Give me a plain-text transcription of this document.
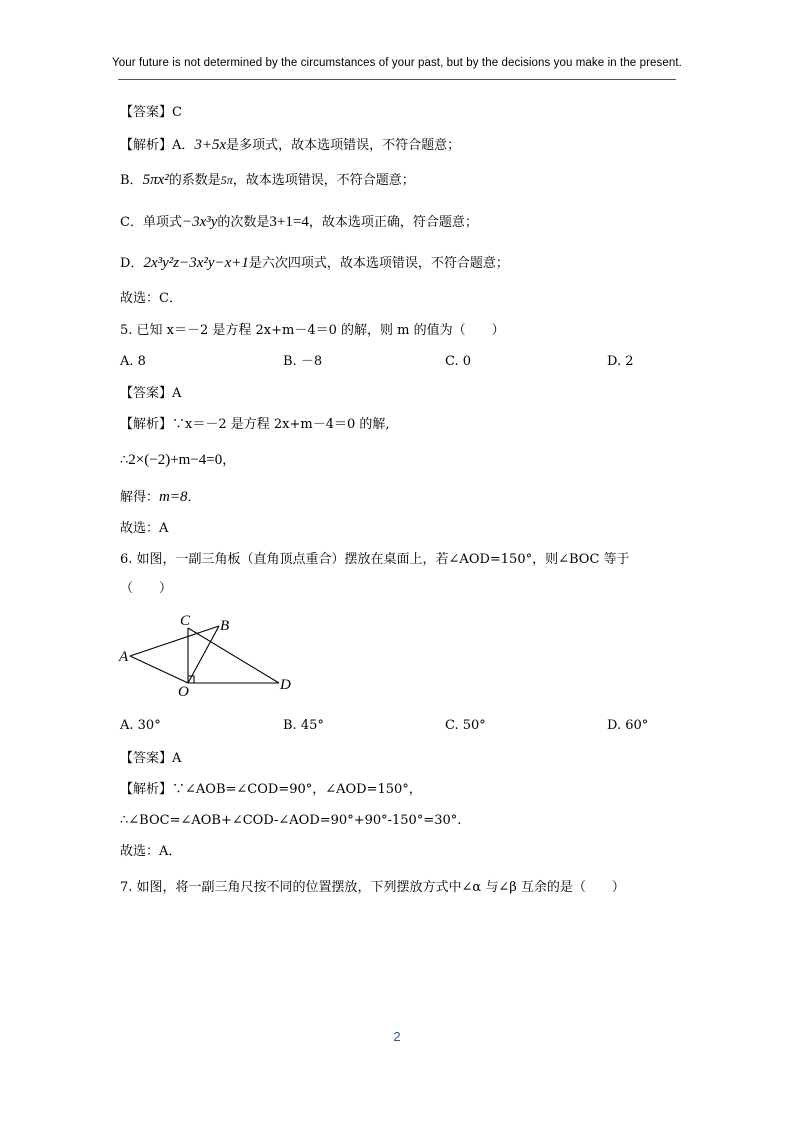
Your future is not determined by the circumstances of your past, but by the decisions you make in the present.
【答案】C
【解析】A．3+5x是多项式，故本选项错误，不符合题意；
B．5πx²的系数是5π，故本选项错误，不符合题意；
C．单项式−3x³y的次数是3+1=4，故本选项正确，符合题意；
D．2x³y²z−3x²y−x+1是六次四项式，故本选项错误，不符合题意；
故选：C．
5. 已知 x＝－2 是方程 2x+m－4＝0 的解，则 m 的值为（　　）
A. 8	B. －8	C. 0	D. 2
【答案】A
【解析】∵x＝－2 是方程 2x+m－4＝0 的解,
∴2×(−2)+m−4=0，
解得：m=8．
故选：A
6. 如图，一副三角板（直角顶点重合）摆放在桌面上，若∠AOD=150°，则∠BOC 等于
（　　）
A
C B
O	D
A. 30°	B. 45°	C. 50°	D. 60°
【答案】A
【解析】∵∠AOB=∠COD=90°，∠AOD=150°，
∴∠BOC=∠AOB+∠COD-∠AOD=90°+90°-150°=30°.
故选：A．
7. 如图，将一副三角尺按不同的位置摆放，下列摆放方式中∠α 与∠β 互余的是（　　）
2
